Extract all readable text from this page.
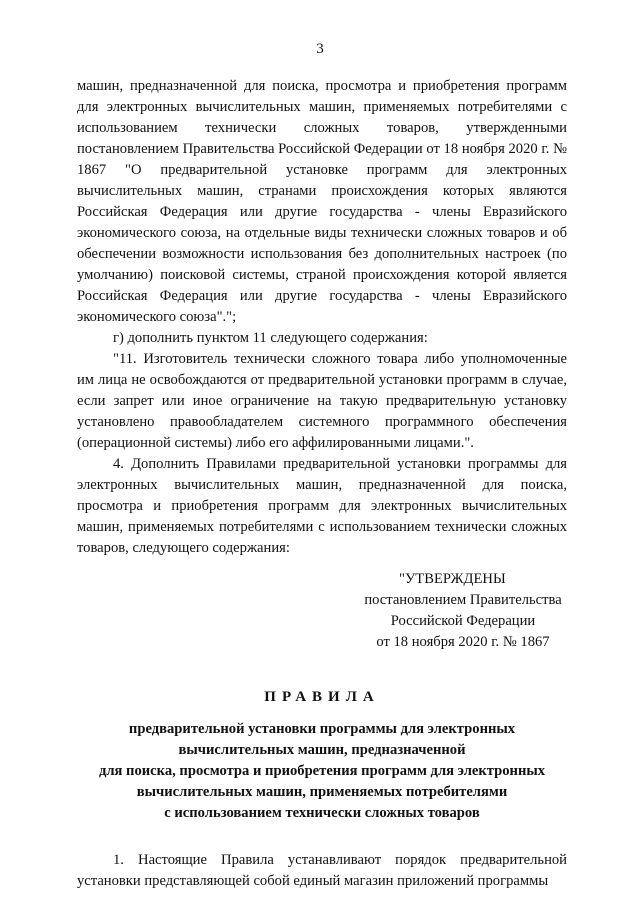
3

машин, предназначенной для поиска, просмотра и приобретения программ для электронных вычислительных машин, применяемых потребителями с использованием технически сложных товаров, утвержденными постановлением Правительства Российской Федерации от 18 ноября 2020 г. № 1867 "О предварительной установке программ для электронных вычислительных машин, странами происхождения которых являются Российская Федерация или другие государства - члены Евразийского экономического союза, на отдельные виды технически сложных товаров и об обеспечении возможности использования без дополнительных настроек (по умолчанию) поисковой системы, страной происхождения которой является Российская Федерация или другие государства - члены Евразийского экономического союза".";

г) дополнить пунктом 11 следующего содержания:

"11. Изготовитель технически сложного товара либо уполномоченные им лица не освобождаются от предварительной установки программ в случае, если запрет или иное ограничение на такую предварительную установку установлено правообладателем системного программного обеспечения (операционной системы) либо его аффилированными лицами.".

4. Дополнить Правилами предварительной установки программы для электронных вычислительных машин, предназначенной для поиска, просмотра и приобретения программ для электронных вычислительных машин, применяемых потребителями с использованием технически сложных товаров, следующего содержания:

"УТВЕРЖДЕНЫ
постановлением Правительства
Российской Федерации
от 18 ноября 2020 г. № 1867
ПРАВИЛА
предварительной установки программы для электронных
вычислительных машин, предназначенной
для поиска, просмотра и приобретения программ для электронных
вычислительных машин, применяемых потребителями
с использованием технически сложных товаров

1. Настоящие Правила устанавливают порядок предварительной установки представляющей собой единый магазин приложений программы
